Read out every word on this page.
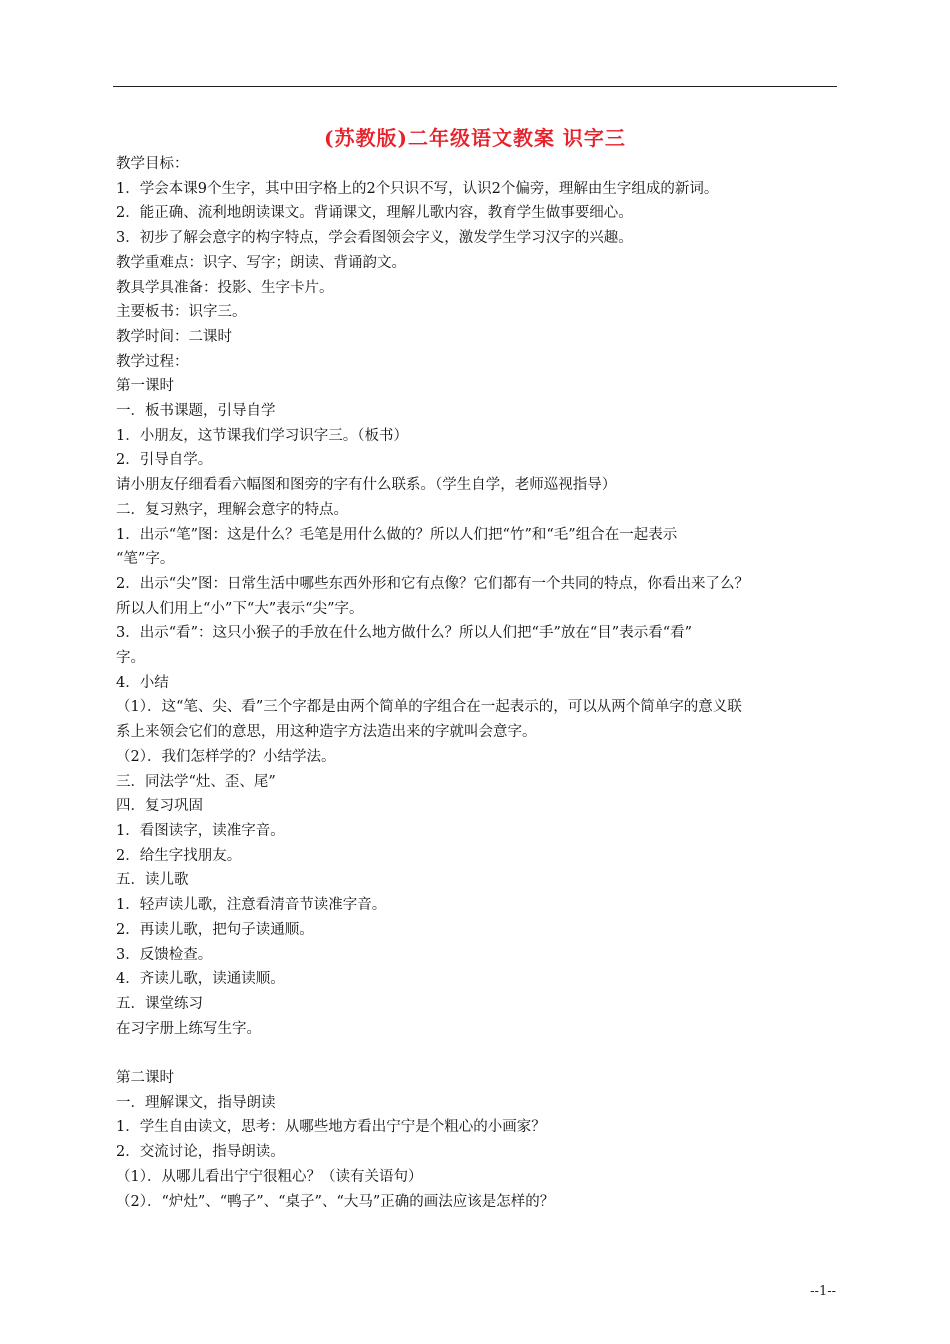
(苏教版)二年级语文教案 识字三
教学目标：
1．学会本课9个生字，其中田字格上的2个只识不写，认识2个偏旁，理解由生字组成的新词。
2．能正确、流利地朗读课文。背诵课文，理解儿歌内容，教育学生做事要细心。
3．初步了解会意字的构字特点，学会看图领会字义，激发学生学习汉字的兴趣。
教学重难点：识字、写字；朗读、背诵韵文。
教具学具准备：投影、生字卡片。
主要板书：识字三。
教学时间：二课时
教学过程：
第一课时
一．板书课题，引导自学
1．小朋友，这节课我们学习识字三。（板书）
2．引导自学。
请小朋友仔细看看六幅图和图旁的字有什么联系。（学生自学，老师巡视指导）
二．复习熟字，理解会意字的特点。
1．出示“笔”图：这是什么？毛笔是用什么做的？所以人们把“竹”和“毛”组合在一起表示
“笔”字。
2．出示“尖”图：日常生活中哪些东西外形和它有点像？它们都有一个共同的特点，你看出来了么？
所以人们用上“小”下“大”表示“尖”字。
3．出示“看”：这只小猴子的手放在什么地方做什么？所以人们把“手”放在“目”表示看“看”
字。
4．小结
（1）．这“笔、尖、看”三个字都是由两个简单的字组合在一起表示的，可以从两个简单字的意义联
系上来领会它们的意思，用这种造字方法造出来的字就叫会意字。
（2）．我们怎样学的？小结学法。
三．同法学“灶、歪、尾”
四．复习巩固
1．看图读字，读准字音。
2．给生字找朋友。
五．读儿歌
1．轻声读儿歌，注意看清音节读准字音。
2．再读儿歌，把句子读通顺。
3．反馈检查。
4．齐读儿歌，读通读顺。
五．课堂练习
在习字册上练写生字。
第二课时
一．理解课文，指导朗读
1．学生自由读文，思考：从哪些地方看出宁宁是个粗心的小画家？
2．交流讨论，指导朗读。
（1）．从哪儿看出宁宁很粗心？（读有关语句）
（2）．“炉灶”、“鸭子”、“桌子”、“大马”正确的画法应该是怎样的？
--1--
